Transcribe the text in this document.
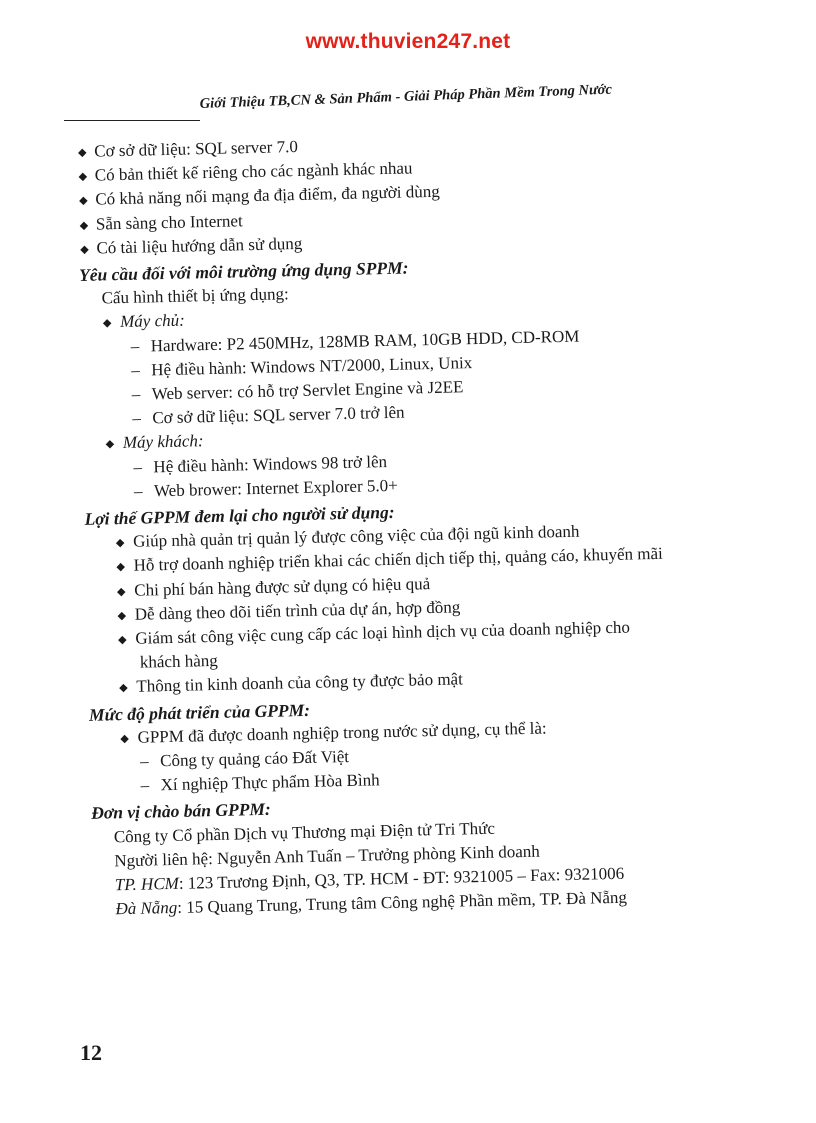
www.thuvien247.net
Giới Thiệu TB,CN & Sản Phẩm - Giải Pháp Phần Mềm Trong Nước
Cơ sở dữ liệu: SQL server 7.0
Có bản thiết kế riêng cho các ngành khác nhau
Có khả năng nối mạng đa địa điểm, đa người dùng
Sẵn sàng cho Internet
Có tài liệu hướng dẫn sử dụng
Yêu cầu đối với môi trường ứng dụng SPPM:
Cấu hình thiết bị ứng dụng:
Máy chủ:
– Hardware: P2 450MHz, 128MB RAM, 10GB HDD, CD-ROM
– Hệ điều hành: Windows NT/2000, Linux, Unix
– Web server: có hỗ trợ Servlet Engine và J2EE
– Cơ sở dữ liệu: SQL server 7.0 trở lên
Máy khách:
– Hệ điều hành: Windows 98 trở lên
– Web brower: Internet Explorer 5.0+
Lợi thế GPPM đem lại cho người sử dụng:
Giúp nhà quản trị quản lý được công việc của đội ngũ kinh doanh
Hỗ trợ doanh nghiệp triển khai các chiến dịch tiếp thị, quảng cáo, khuyến mãi
Chi phí bán hàng được sử dụng có hiệu quả
Dễ dàng theo dõi tiến trình của dự án, hợp đồng
Giám sát công việc cung cấp các loại hình dịch vụ của doanh nghiệp cho
khách hàng
Thông tin kinh doanh của công ty được bảo mật
Mức độ phát triển của GPPM:
GPPM đã được doanh nghiệp trong nước sử dụng, cụ thể là:
– Công ty quảng cáo Đất Việt
– Xí nghiệp Thực phẩm Hòa Bình
Đơn vị chào bán GPPM:
Công ty Cổ phần Dịch vụ Thương mại Điện tử Tri Thức
Người liên hệ: Nguyễn Anh Tuấn – Trưởng phòng Kinh doanh
TP. HCM: 123 Trương Định, Q3, TP. HCM - ĐT: 9321005 – Fax: 9321006
Đà Nẵng: 15 Quang Trung, Trung tâm Công nghệ Phần mềm, TP. Đà Nẵng
12
